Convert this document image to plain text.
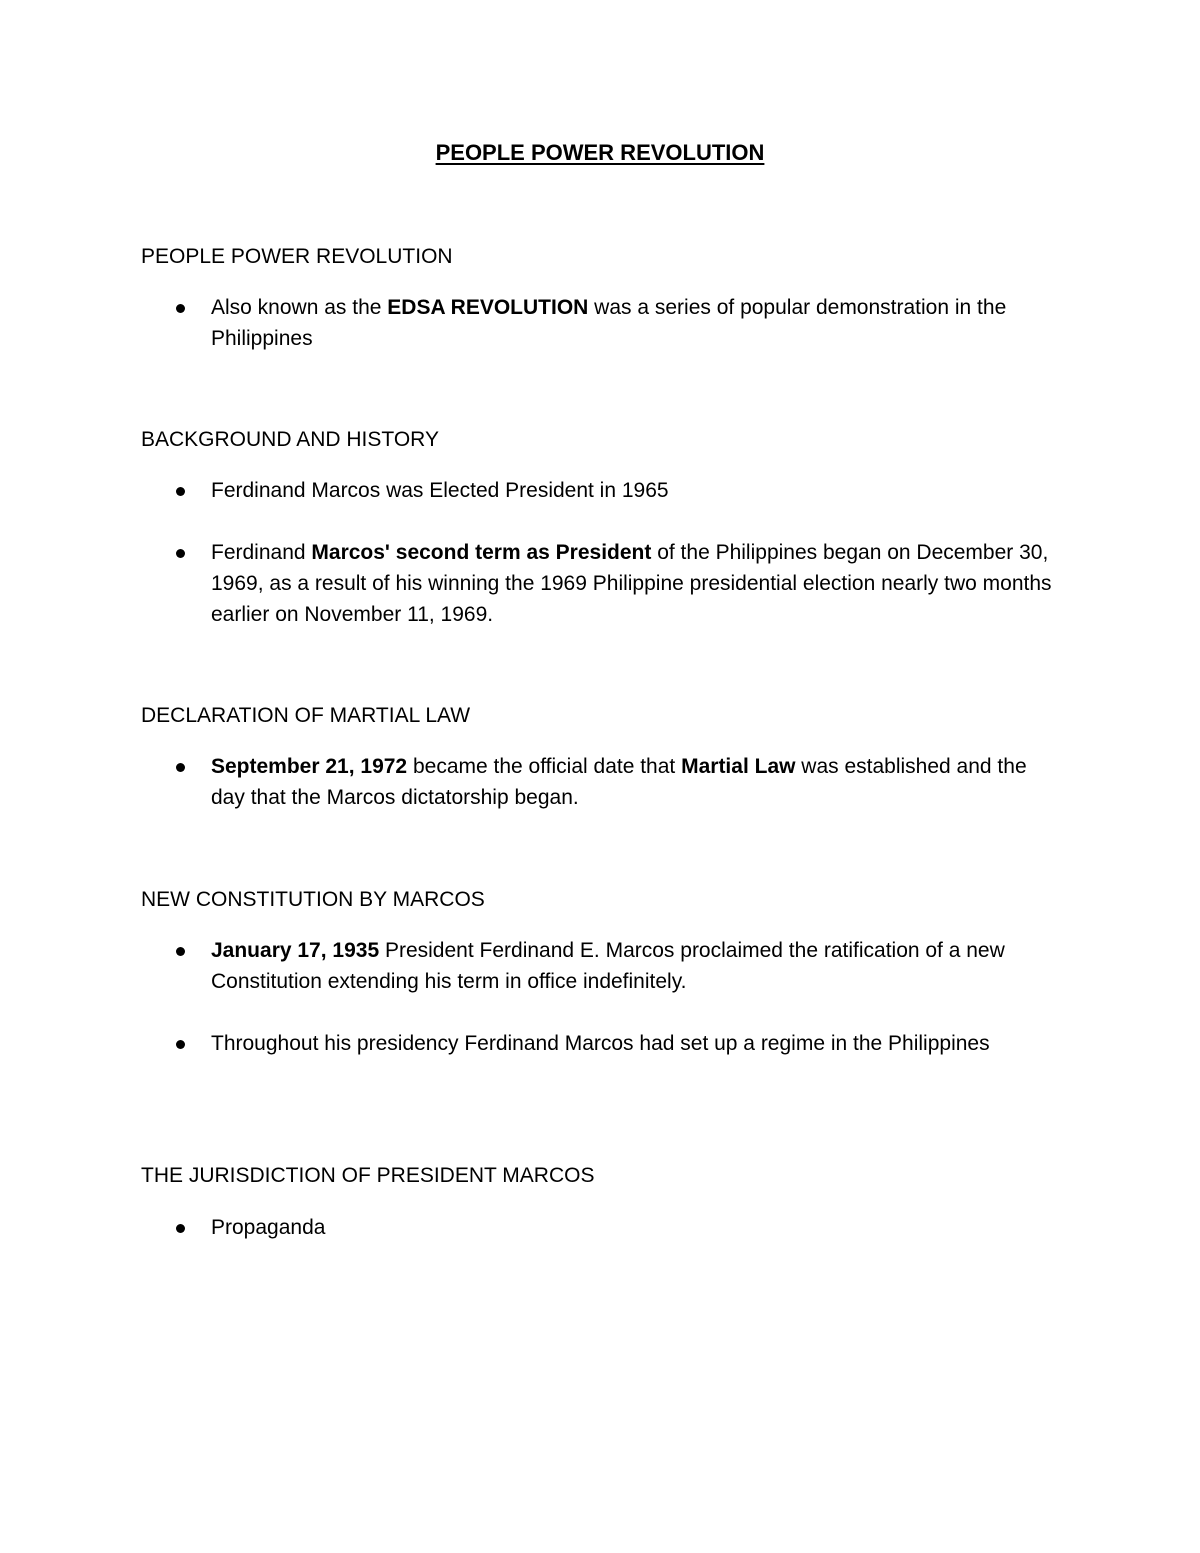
PEOPLE POWER REVOLUTION

PEOPLE POWER REVOLUTION

Also known as the EDSA REVOLUTION was a series of popular demonstration in the Philippines

BACKGROUND AND HISTORY

Ferdinand Marcos was Elected President in 1965
Ferdinand Marcos' second term as President of the Philippines began on December 30, 1969, as a result of his winning the 1969 Philippine presidential election nearly two months earlier on November 11, 1969.

DECLARATION OF MARTIAL LAW

September 21, 1972 became the official date that Martial Law was established and the day that the Marcos dictatorship began.

NEW CONSTITUTION BY MARCOS

January 17, 1935 President Ferdinand E. Marcos proclaimed the ratification of a new Constitution extending his term in office indefinitely.
Throughout his presidency Ferdinand Marcos had set up a regime in the Philippines

THE JURISDICTION OF PRESIDENT MARCOS

Propaganda
